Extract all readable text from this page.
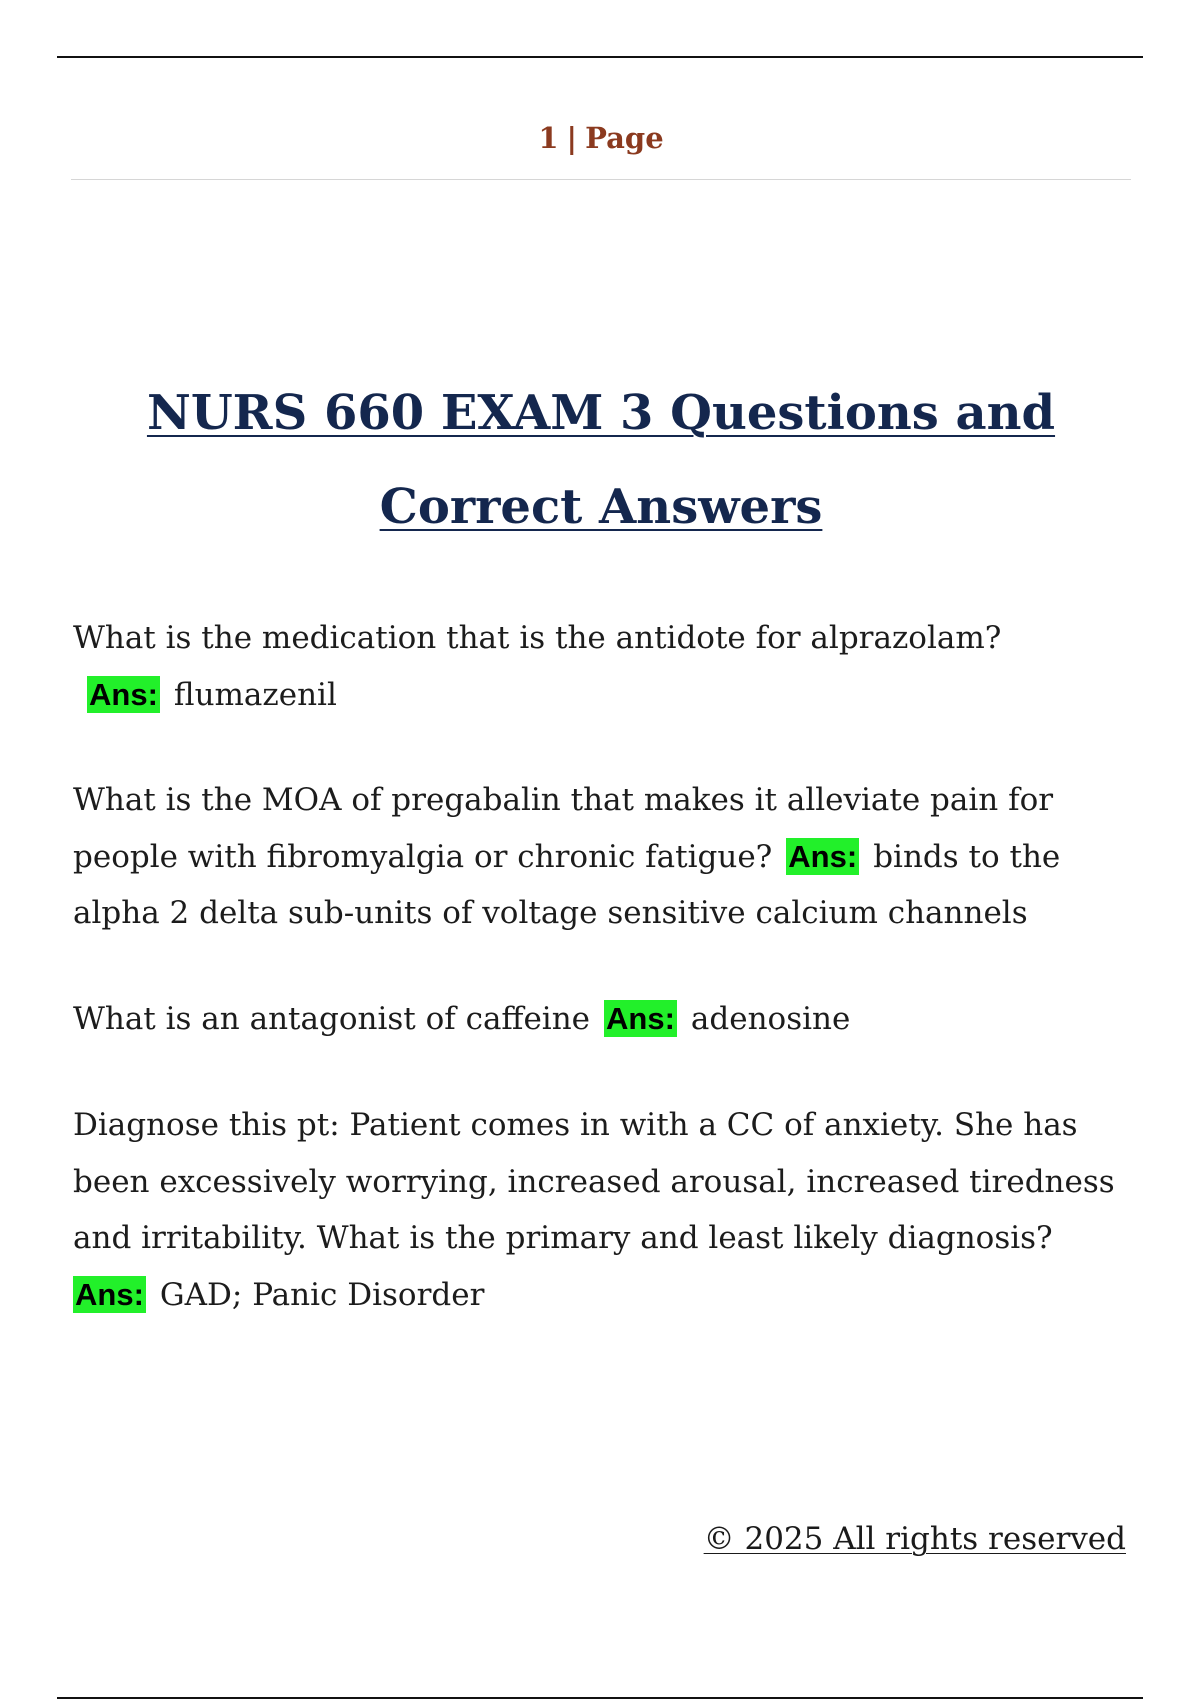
1 | Page
NURS 660 EXAM 3 Questions and Correct Answers

What is the medication that is the antidote for alprazolam?Ans: flumazenil

What is the MOA of pregabalin that makes it alleviate pain for people with fibromyalgia or chronic fatigue? Ans: binds to the alpha 2 delta sub-units of voltage sensitive calcium channels

What is an antagonist of caffeine Ans: adenosine

Diagnose this pt: Patient comes in with a CC of anxiety. She has been excessively worrying, increased arousal, increased tiredness and irritability. What is the primary and least likely diagnosis?
Ans: GAD; Panic Disorder

© 2025 All rights reserved
